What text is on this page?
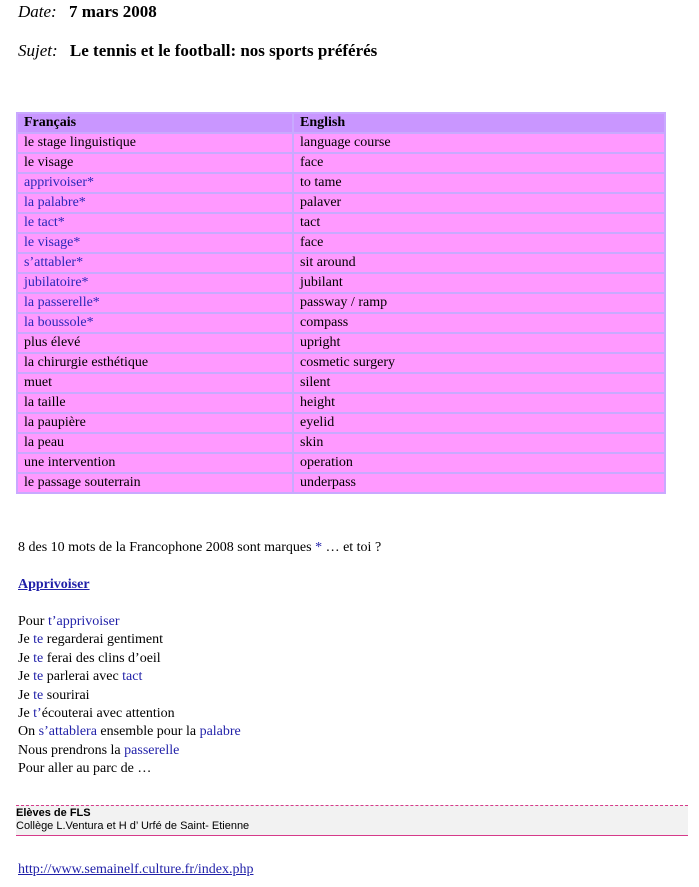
Date: 7 mars 2008
Sujet: Le tennis et le football: nos sports préférés
Français	English
le stage linguistique	language course
le visage	face
apprivoiser*	to tame
la palabre*	palaver
le tact*	tact
le visage*	face
s’attabler*	sit around
jubilatoire*	jubilant
la passerelle*	passway / ramp
la boussole*	compass
plus élevé	upright
la chirurgie esthétique	cosmetic surgery
muet	silent
la taille	height
la paupière	eyelid
la peau	skin
une intervention	operation
le passage souterrain	underpass
8 des 10 mots de la Francophone 2008 sont marques * … et toi ?
Apprivoiser
Pour t’apprivoiser
Je te regarderai gentiment
Je te ferai des clins d’oeil
Je te parlerai avec tact
Je te sourirai
Je t’écouterai avec attention
On s’attablera ensemble pour la palabre
Nous prendrons la passerelle
Pour aller au parc de …
Elèves de FLS
Collège L.Ventura et H d’ Urfé de Saint- Etienne
http://www.semainelf.culture.fr/index.php
